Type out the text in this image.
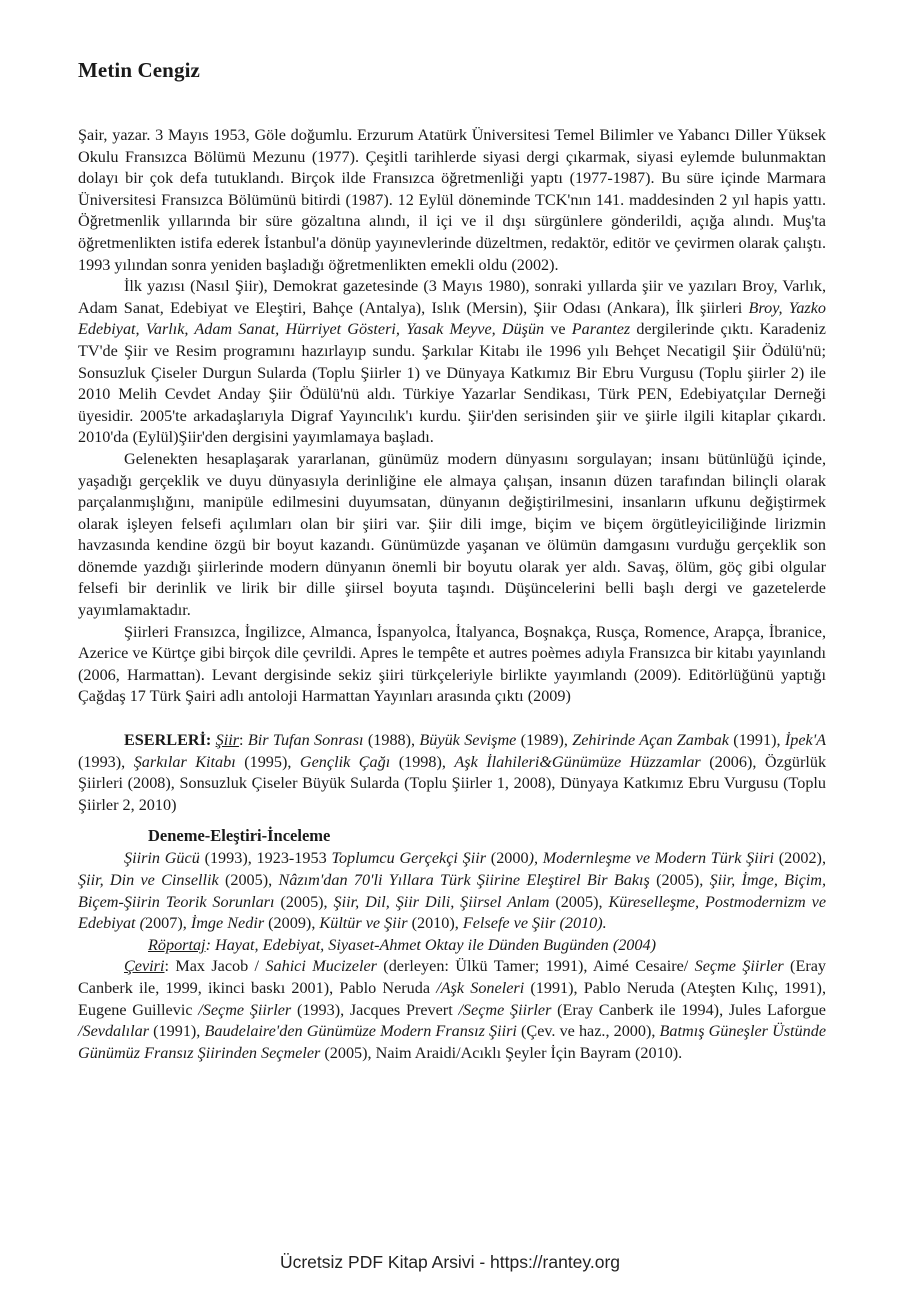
Metin Cengiz

Şair, yazar. 3 Mayıs 1953, Göle doğumlu. Erzurum Atatürk Üniversitesi Temel Bilimler ve Yabancı Diller Yüksek Okulu Fransızca Bölümü Mezunu (1977). Çeşitli tarihlerde siyasi dergi çıkarmak, siyasi eylemde bulunmaktan dolayı bir çok defa tutuklandı. Birçok ilde Fransızca öğretmenliği yaptı (1977-1987). Bu süre içinde Marmara Üniversitesi Fransızca Bölümünü bitirdi (1987). 12 Eylül döneminde TCK'nın 141. maddesinden 2 yıl hapis yattı. Öğretmenlik yıllarında bir süre gözaltına alındı, il içi ve il dışı sürgünlere gönderildi, açığa alındı. Muş'ta öğretmenlikten istifa ederek İstanbul'a dönüp yayınevlerinde düzeltmen, redaktör, editör ve çevirmen olarak çalıştı. 1993 yılından sonra yeniden başladığı öğretmenlikten emekli oldu (2002).

İlk yazısı (Nasıl Şiir), Demokrat gazetesinde (3 Mayıs 1980), sonraki yıllarda şiir ve yazıları Broy, Varlık, Adam Sanat, Edebiyat ve Eleştiri, Bahçe (Antalya), Islık (Mersin), Şiir Odası (Ankara), İlk şiirleri Broy, Yazko Edebiyat, Varlık, Adam Sanat, Hürriyet Gösteri, Yasak Meyve, Düşün ve Parantez dergilerinde çıktı. Karadeniz TV'de Şiir ve Resim programını hazırlayıp sundu. Şarkılar Kitabı ile 1996 yılı Behçet Necatigil Şiir Ödülü'nü; Sonsuzluk Çiseler Durgun Sularda (Toplu Şiirler 1) ve Dünyaya Katkımız Bir Ebru Vurgusu (Toplu şiirler 2) ile 2010 Melih Cevdet Anday Şiir Ödülü'nü aldı. Türkiye Yazarlar Sendikası, Türk PEN, Edebiyatçılar Derneği üyesidir. 2005'te arkadaşlarıyla Digraf Yayıncılık'ı kurdu. Şiir'den serisinden şiir ve şiirle ilgili kitaplar çıkardı. 2010'da (Eylül)Şiir'den dergisini yayımlamaya başladı.

Gelenekten hesaplaşarak yararlanan, günümüz modern dünyasını sorgulayan; insanı bütünlüğü içinde, yaşadığı gerçeklik ve duyu dünyasıyla derinliğine ele almaya çalışan, insanın düzen tarafından bilinçli olarak parçalanmışlığını, manipüle edilmesini duyumsatan, dünyanın değiştirilmesini, insanların ufkunu değiştirmek olarak işleyen felsefi açılımları olan bir şiiri var. Şiir dili imge, biçim ve biçem örgütleyiciliğinde lirizmin havzasında kendine özgü bir boyut kazandı. Günümüzde yaşanan ve ölümün damgasını vurduğu gerçeklik son dönemde yazdığı şiirlerinde modern dünyanın önemli bir boyutu olarak yer aldı. Savaş, ölüm, göç gibi olgular felsefi bir derinlik ve lirik bir dille şiirsel boyuta taşındı. Düşüncelerini belli başlı dergi ve gazetelerde yayımlamaktadır.

Şiirleri Fransızca, İngilizce, Almanca, İspanyolca, İtalyanca, Boşnakça, Rusça, Romence, Arapça, İbranice, Azerice ve Kürtçe gibi birçok dile çevrildi. Apres le tempête et autres poèmes adıyla Fransızca bir kitabı yayınlandı (2006, Harmattan). Levant dergisinde sekiz şiiri türkçeleriyle birlikte yayımlandı (2009). Editörlüğünü yaptığı Çağdaş 17 Türk Şairi adlı antoloji Harmattan Yayınları arasında çıktı (2009)

ESERLERİ: Şiir: Bir Tufan Sonrası (1988), Büyük Sevişme (1989), Zehirinde Açan Zambak (1991), İpek'A (1993), Şarkılar Kitabı (1995), Gençlik Çağı (1998), Aşk İlahileri&Günümüze Hüzzamlar (2006), Özgürlük Şiirleri (2008), Sonsuzluk Çiseler Büyük Sularda (Toplu Şiirler 1, 2008), Dünyaya Katkımız Ebru Vurgusu (Toplu Şiirler 2, 2010)

Deneme-Eleştiri-İnceleme

Şiirin Gücü (1993), 1923-1953 Toplumcu Gerçekçi Şiir (2000), Modernleşme ve Modern Türk Şiiri (2002), Şiir, Din ve Cinsellik (2005), Nâzım'dan 70'li Yıllara Türk Şiirine Eleştirel Bir Bakış (2005), Şiir, İmge, Biçim, Biçem-Şiirin Teorik Sorunları (2005), Şiir, Dil, Şiir Dili, Şiirsel Anlam (2005), Küreselleşme, Postmodernizm ve Edebiyat (2007), İmge Nedir (2009), Kültür ve Şiir (2010), Felsefe ve Şiir (2010).

Röportaj: Hayat, Edebiyat, Siyaset-Ahmet Oktay ile Dünden Bugünden (2004)

Çeviri: Max Jacob / Sahici Mucizeler (derleyen: Ülkü Tamer; 1991), Aimé Cesaire/ Seçme Şiirler (Eray Canberk ile, 1999, ikinci baskı 2001), Pablo Neruda /Aşk Soneleri (1991), Pablo Neruda (Ateşten Kılıç, 1991), Eugene Guillevic /Seçme Şiirler (1993), Jacques Prevert /Seçme Şiirler (Eray Canberk ile 1994), Jules Laforgue /Sevdalılar (1991), Baudelaire'den Günümüze Modern Fransız Şiiri (Çev. ve haz., 2000), Batmış Güneşler Üstünde Günümüz Fransız Şiirinden Seçmeler (2005), Naim Araidi/Acıklı Şeyler İçin Bayram (2010).

Ücretsiz PDF Kitap Arsivi - https://rantey.org
